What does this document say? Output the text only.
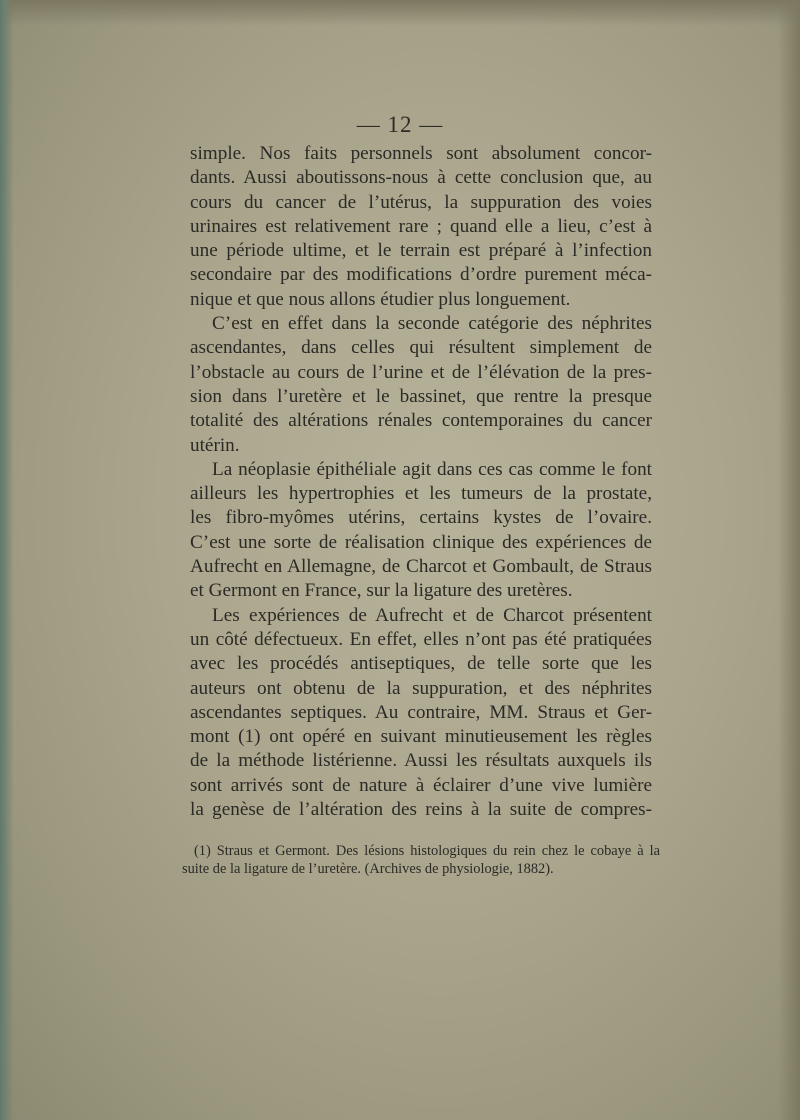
— 12 —
simple. Nos faits personnels sont absolument concor-
dants. Aussi aboutissons-nous à cette conclusion que, au
cours du cancer de l’utérus, la suppuration des voies
urinaires est relativement rare ; quand elle a lieu, c’est à
une période ultime, et le terrain est préparé à l’infection
secondaire par des modifications d’ordre purement méca-
nique et que nous allons étudier plus longuement.
C’est en effet dans la seconde catégorie des néphrites
ascendantes, dans celles qui résultent simplement de
l’obstacle au cours de l’urine et de l’élévation de la pres-
sion dans l’uretère et le bassinet, que rentre la presque
totalité des altérations rénales contemporaines du cancer
utérin.
La néoplasie épithéliale agit dans ces cas comme le font
ailleurs les hypertrophies et les tumeurs de la prostate,
les fibro-myômes utérins, certains kystes de l’ovaire.
C’est une sorte de réalisation clinique des expériences de
Aufrecht en Allemagne, de Charcot et Gombault, de Straus
et Germont en France, sur la ligature des uretères.
Les expériences de Aufrecht et de Charcot présentent
un côté défectueux. En effet, elles n’ont pas été pratiquées
avec les procédés antiseptiques, de telle sorte que les
auteurs ont obtenu de la suppuration, et des néphrites
ascendantes septiques. Au contraire, MM. Straus et Ger-
mont (1) ont opéré en suivant minutieusement les règles
de la méthode listérienne. Aussi les résultats auxquels ils
sont arrivés sont de nature à éclairer d’une vive lumière
la genèse de l’altération des reins à la suite de compres-
(1) Straus et Germont. Des lésions histologiques du rein chez le cobaye à la
suite de la ligature de l’uretère. (Archives de physiologie, 1882).
